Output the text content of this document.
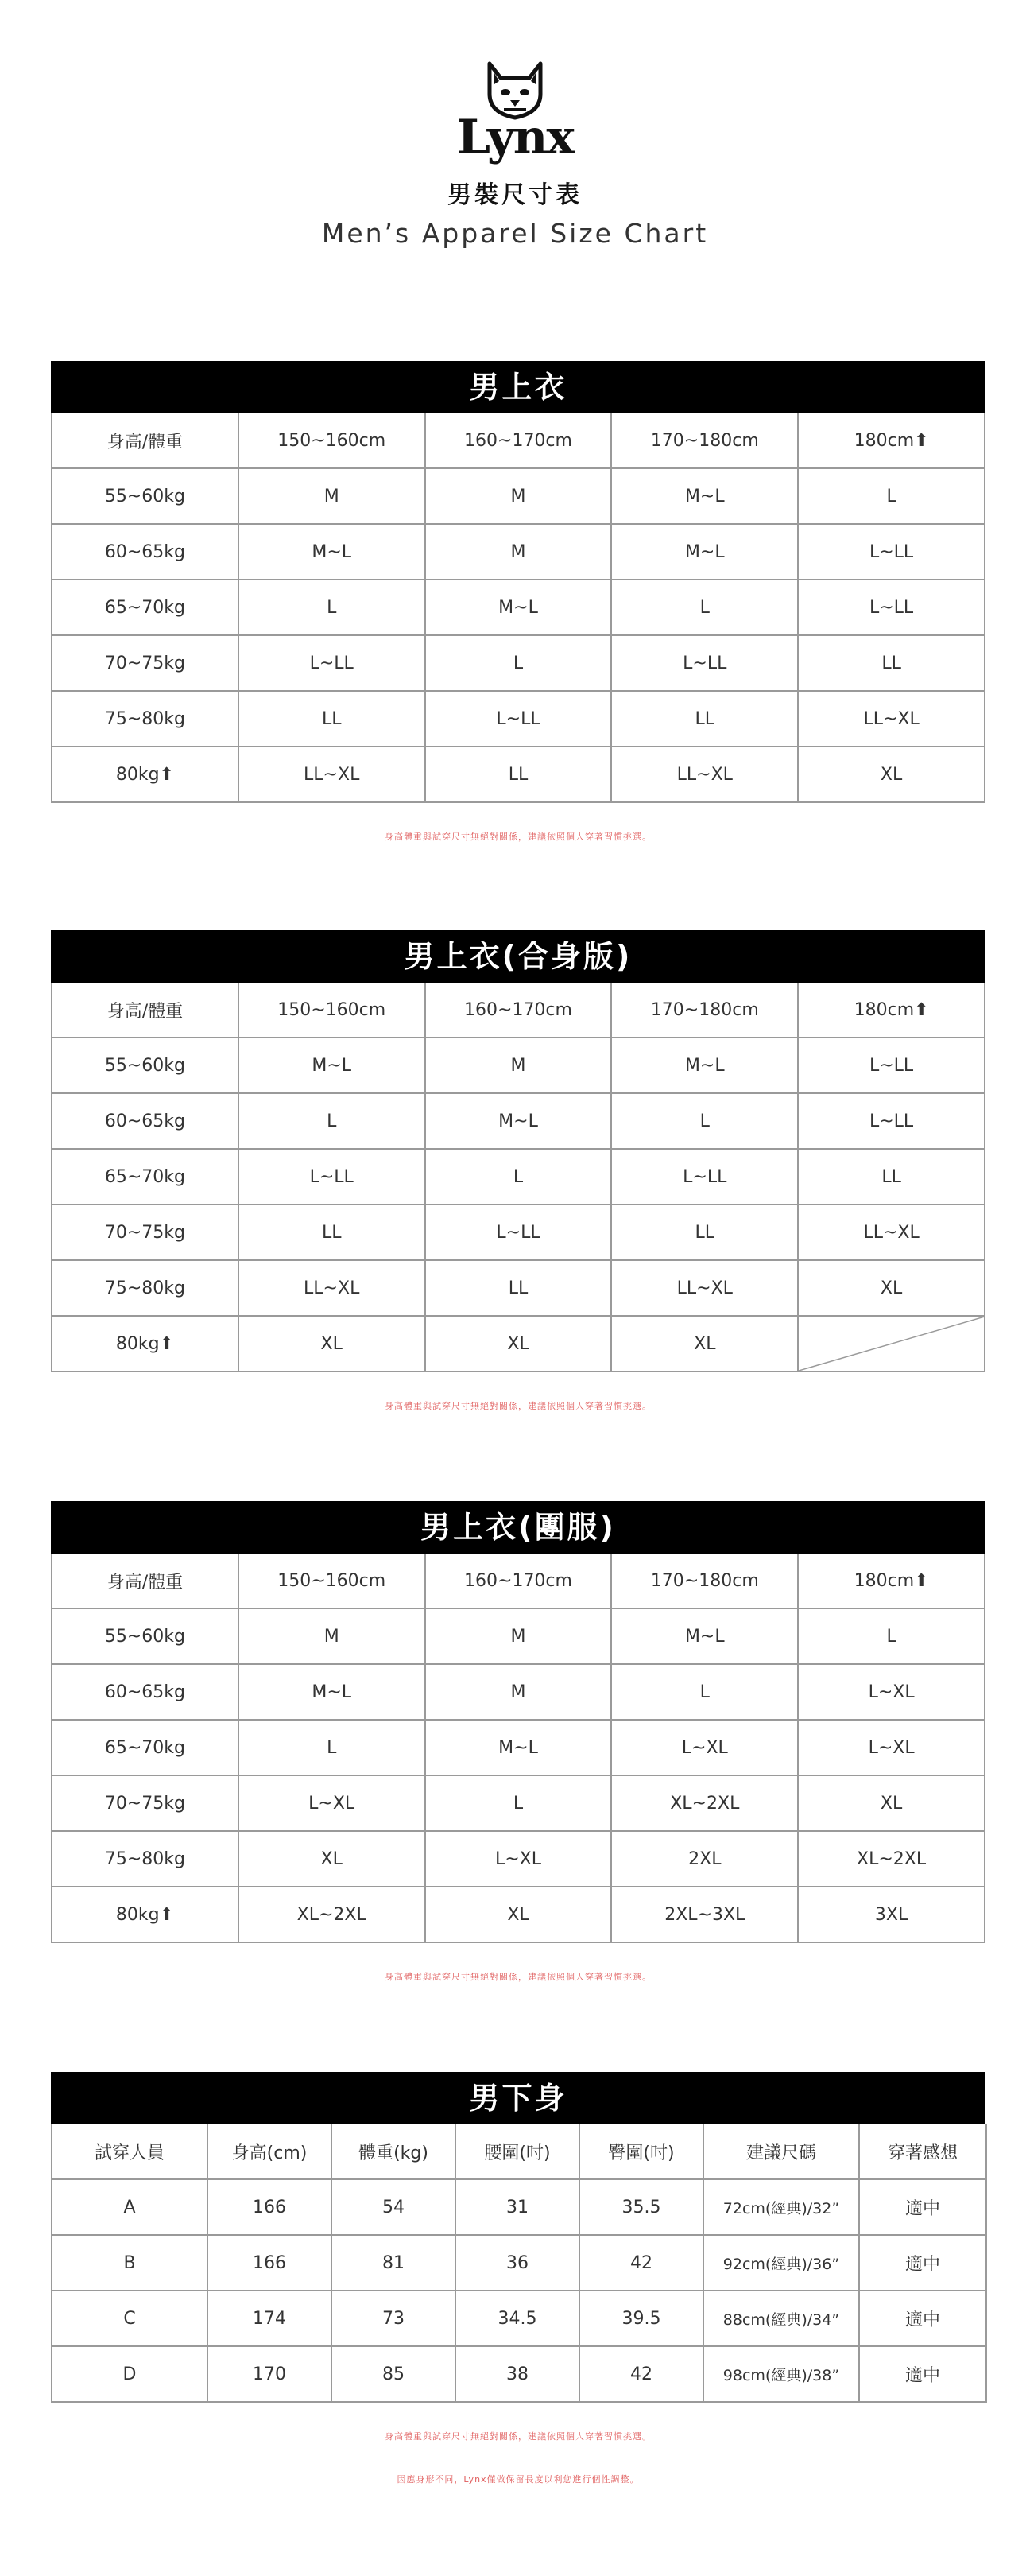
Lynx
男裝尺寸表
Men’s Apparel Size Chart
男上衣
身高/體重	150~160cm	160~170cm	170~180cm	180cm⬆
55~60kg	M	M	M~L	L
60~65kg	M~L	M	M~L	L~LL
65~70kg	L	M~L	L	L~LL
70~75kg	L~LL	L	L~LL	LL
75~80kg	LL	L~LL	LL	LL~XL
80kg⬆	LL~XL	LL	LL~XL	XL
身高體重與試穿尺寸無絕對關係，建議依照個人穿著習慣挑選。
男上衣(合身版)
身高/體重	150~160cm	160~170cm	170~180cm	180cm⬆
55~60kg	M~L	M	M~L	L~LL
60~65kg	L	M~L	L	L~LL
65~70kg	L~LL	L	L~LL	LL
70~75kg	LL	L~LL	LL	LL~XL
75~80kg	LL~XL	LL	LL~XL	XL
80kg⬆	XL	XL	XL	
身高體重與試穿尺寸無絕對關係，建議依照個人穿著習慣挑選。
男上衣(團服)
身高/體重	150~160cm	160~170cm	170~180cm	180cm⬆
55~60kg	M	M	M~L	L
60~65kg	M~L	M	L	L~XL
65~70kg	L	M~L	L~XL	L~XL
70~75kg	L~XL	L	XL~2XL	XL
75~80kg	XL	L~XL	2XL	XL~2XL
80kg⬆	XL~2XL	XL	2XL~3XL	3XL
身高體重與試穿尺寸無絕對關係，建議依照個人穿著習慣挑選。
男下身
試穿人員	身高(cm)	體重(kg)	腰圍(吋)	臀圍(吋)	建議尺碼	穿著感想
A	166	54	31	35.5	72cm(經典)/32”	適中
B	166	81	36	42	92cm(經典)/36”	適中
C	174	73	34.5	39.5	88cm(經典)/34”	適中
D	170	85	38	42	98cm(經典)/38”	適中
身高體重與試穿尺寸無絕對關係，建議依照個人穿著習慣挑選。
因應身形不同，Lynx僅做保留長度以利您進行個性調整。
